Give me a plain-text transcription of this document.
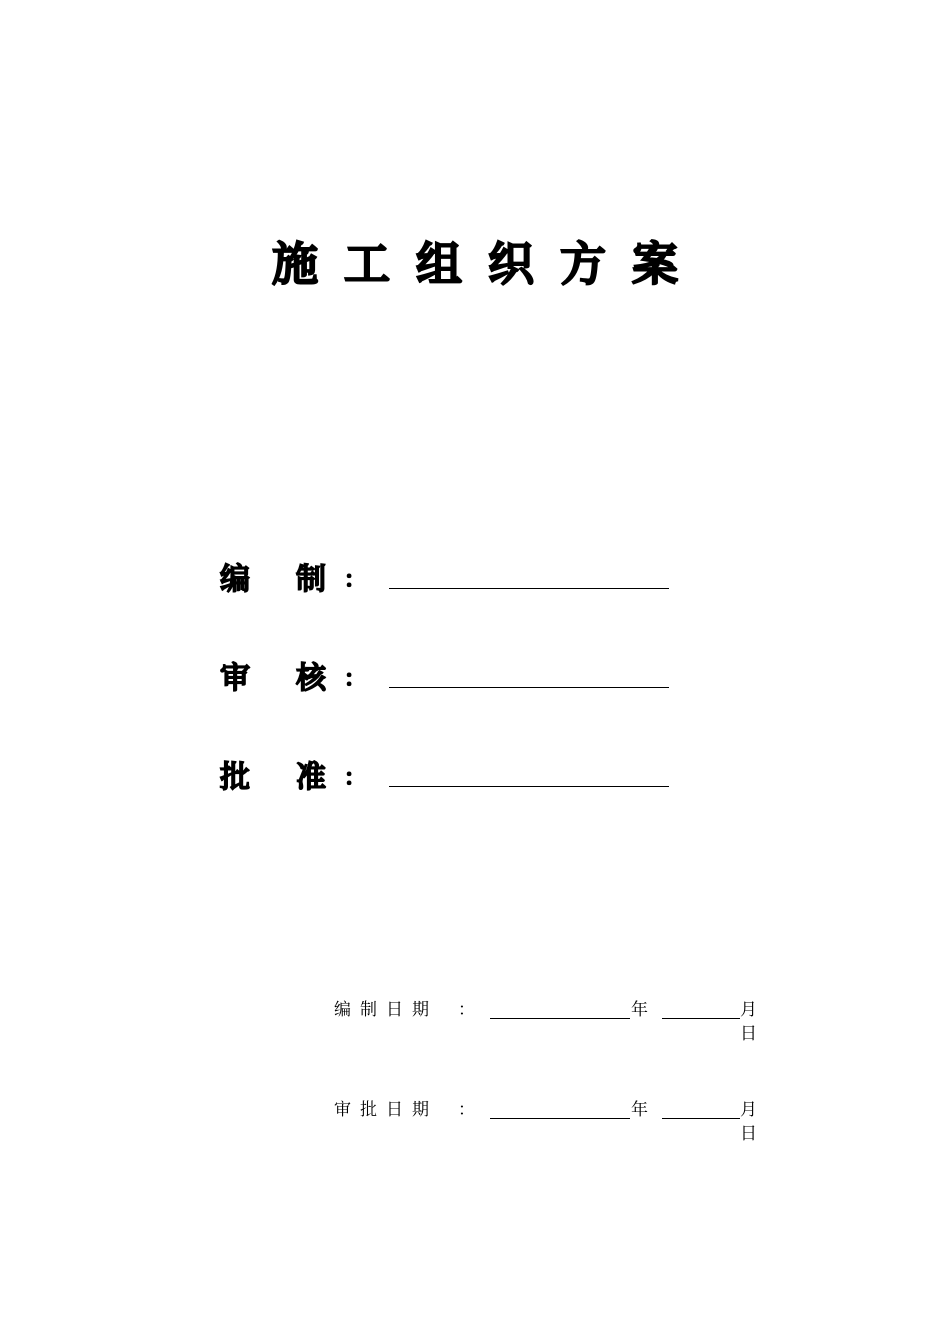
施工组织方案
编 制 ：
审 核 ：
批 准 ：
编制日期 ：	年	月
日
审批日期 ：	年	月
日
